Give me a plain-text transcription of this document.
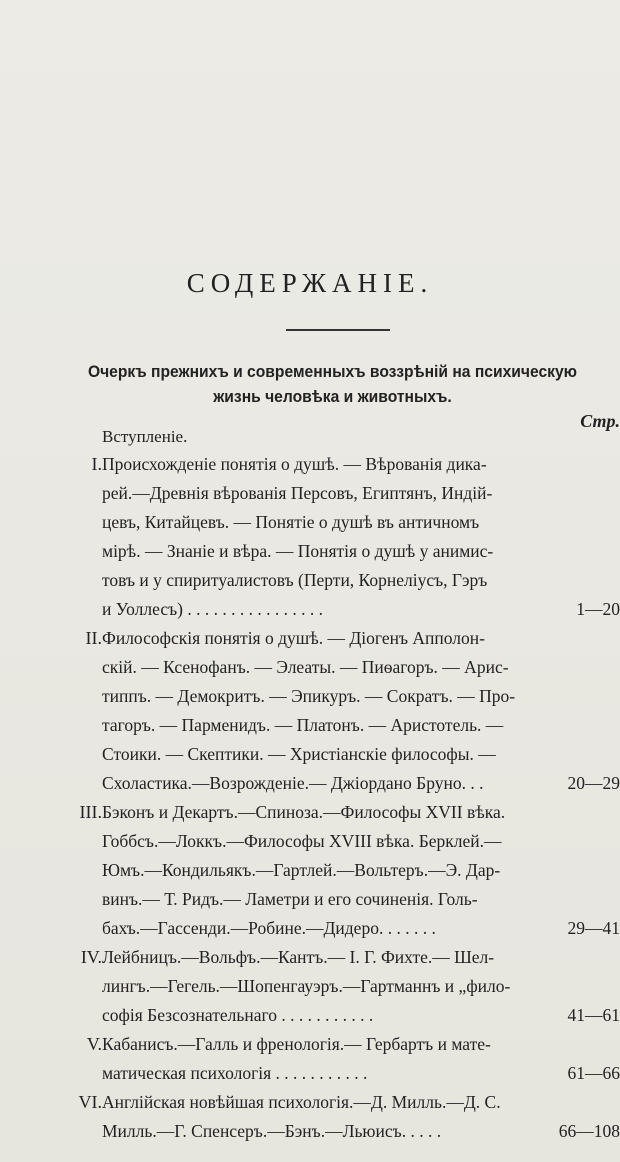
СОДЕРЖАНІЕ.
Очеркъ прежнихъ и современныхъ воззрѣній на психическую
жизнь человѣка и животныхъ.
Стр.
Вступленіе.
I. Происхожденіе понятія о душѣ. — Вѣрованія дика-
рей.—Древнія вѣрованія Персовъ, Египтянъ, Индій-
цевъ, Китайцевъ. — Понятіе о душѣ въ античномъ
мірѣ. — Знаніе и вѣра. — Понятія о душѣ у анимис-
товъ и у спиритуалистовъ (Перти, Корнеліусъ, Гэръ
и Уоллесъ) . . . . . . . . . . . . . . . .	1—20
II. Философскія понятія о душѣ. — Діогенъ Апполон-
скій. — Ксенофанъ. — Элеаты. — Пиѳагоръ. — Арис-
типпъ. — Демокритъ. — Эпикуръ. — Сократъ. — Про-
тагоръ. — Парменидъ. — Платонъ. — Аристотель. —
Стоики. — Скептики. — Христіанскіе философы. —
Схоластика.—Возрожденіе.— Джіордано Бруно. . .	20—29
III. Бэконъ и Декартъ.—Спиноза.—Философы XVII вѣка.
Гоббсъ.—Локкъ.—Философы XVIII вѣка. Берклей.—
Юмъ.—Кондильякъ.—Гартлей.—Вольтеръ.—Э. Дар-
винъ.— Т. Ридъ.— Ламетри и его сочиненія. Голь-
бахъ.—Гассенди.—Робине.—Дидеро. . . . . . .	29—41
IV. Лейбницъ.—Вольфъ.—Кантъ.— І. Г. Фихте.— Шел-
лингъ.—Гегель.—Шопенгауэръ.—Гартманнъ и „фило-
софія Безсознательнаго . . . . . . . . . . .	41—61
V. Кабанисъ.—Галль и френологія.— Гербартъ и мате-
матическая психологія . . . . . . . . . . .	61—66
VI. Англійская новѣйшая психологія.—Д. Милль.—Д. С.
Милль.—Г. Спенсеръ.—Бэнъ.—Льюисъ. . . . .	66—108
